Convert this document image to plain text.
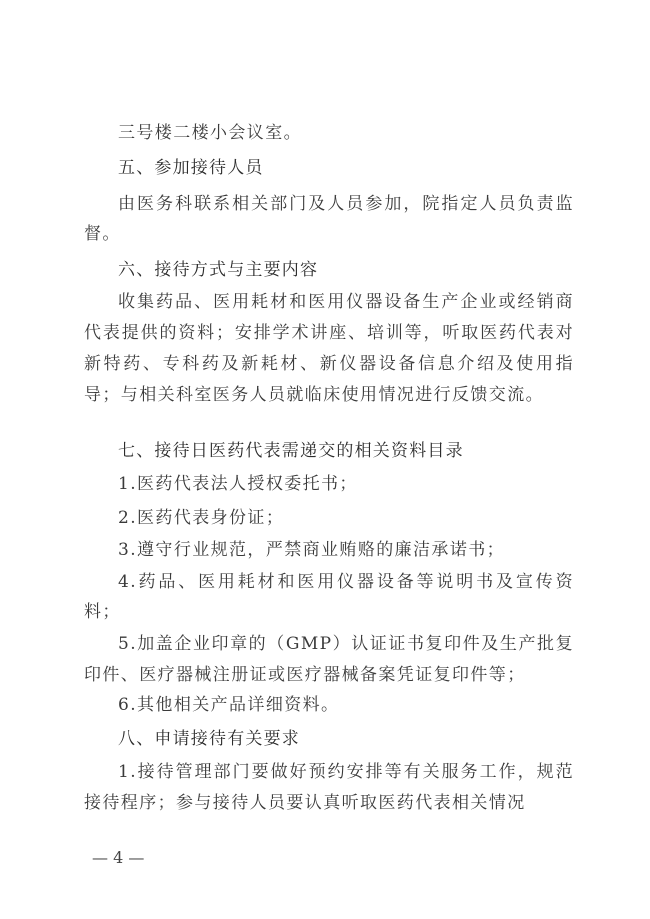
三号楼二楼小会议室。
五、参加接待人员
由医务科联系相关部门及人员参加，院指定人员负责监督。
六、接待方式与主要内容
收集药品、医用耗材和医用仪器设备生产企业或经销商代表提供的资料；安排学术讲座、培训等，听取医药代表对新特药、专科药及新耗材、新仪器设备信息介绍及使用指导；与相关科室医务人员就临床使用情况进行反馈交流。
七、接待日医药代表需递交的相关资料目录
1.医药代表法人授权委托书；
2.医药代表身份证；
3.遵守行业规范，严禁商业贿赂的廉洁承诺书；
4.药品、医用耗材和医用仪器设备等说明书及宣传资料；
5.加盖企业印章的（GMP）认证证书复印件及生产批复印件、医疗器械注册证或医疗器械备案凭证复印件等；
6.其他相关产品详细资料。
八、申请接待有关要求
1.接待管理部门要做好预约安排等有关服务工作，规范接待程序；参与接待人员要认真听取医药代表相关情况
— 4 —
